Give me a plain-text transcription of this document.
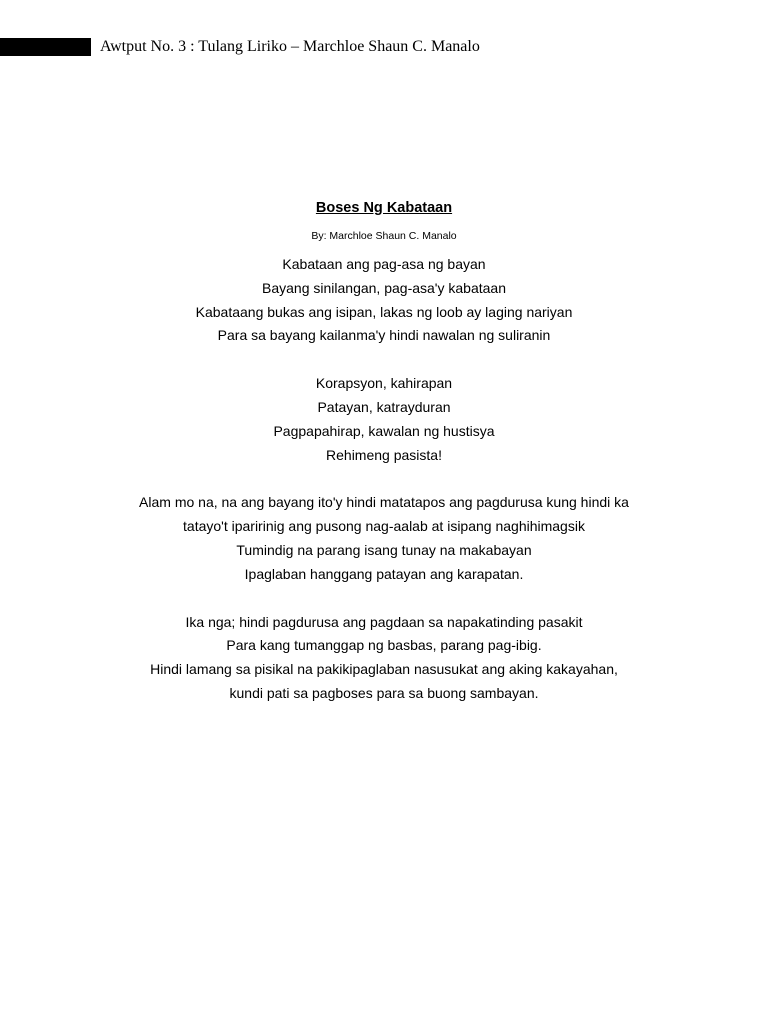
Awtput No. 3 : Tulang Liriko – Marchloe Shaun C. Manalo

Boses Ng Kabataan

By: Marchloe Shaun C. Manalo

Kabataan ang pag-asa ng bayan
Bayang sinilangan, pag-asa'y kabataan
Kabataang bukas ang isipan, lakas ng loob ay laging nariyan
Para sa bayang kailanma'y hindi nawalan ng suliranin
Korapsyon, kahirapan
Patayan, katrayduran
Pagpapahirap, kawalan ng hustisya
Rehimeng pasista!
Alam mo na, na ang bayang ito'y hindi matatapos ang pagdurusa kung hindi ka
tatayo't iparirinig ang pusong nag-aalab at isipang naghihimagsik
Tumindig na parang isang tunay na makabayan
Ipaglaban hanggang patayan ang karapatan.
Ika nga; hindi pagdurusa ang pagdaan sa napakatinding pasakit
Para kang tumanggap ng basbas, parang pag-ibig.
Hindi lamang sa pisikal na pakikipaglaban nasusukat ang aking kakayahan,
kundi pati sa pagboses para sa buong sambayan.
